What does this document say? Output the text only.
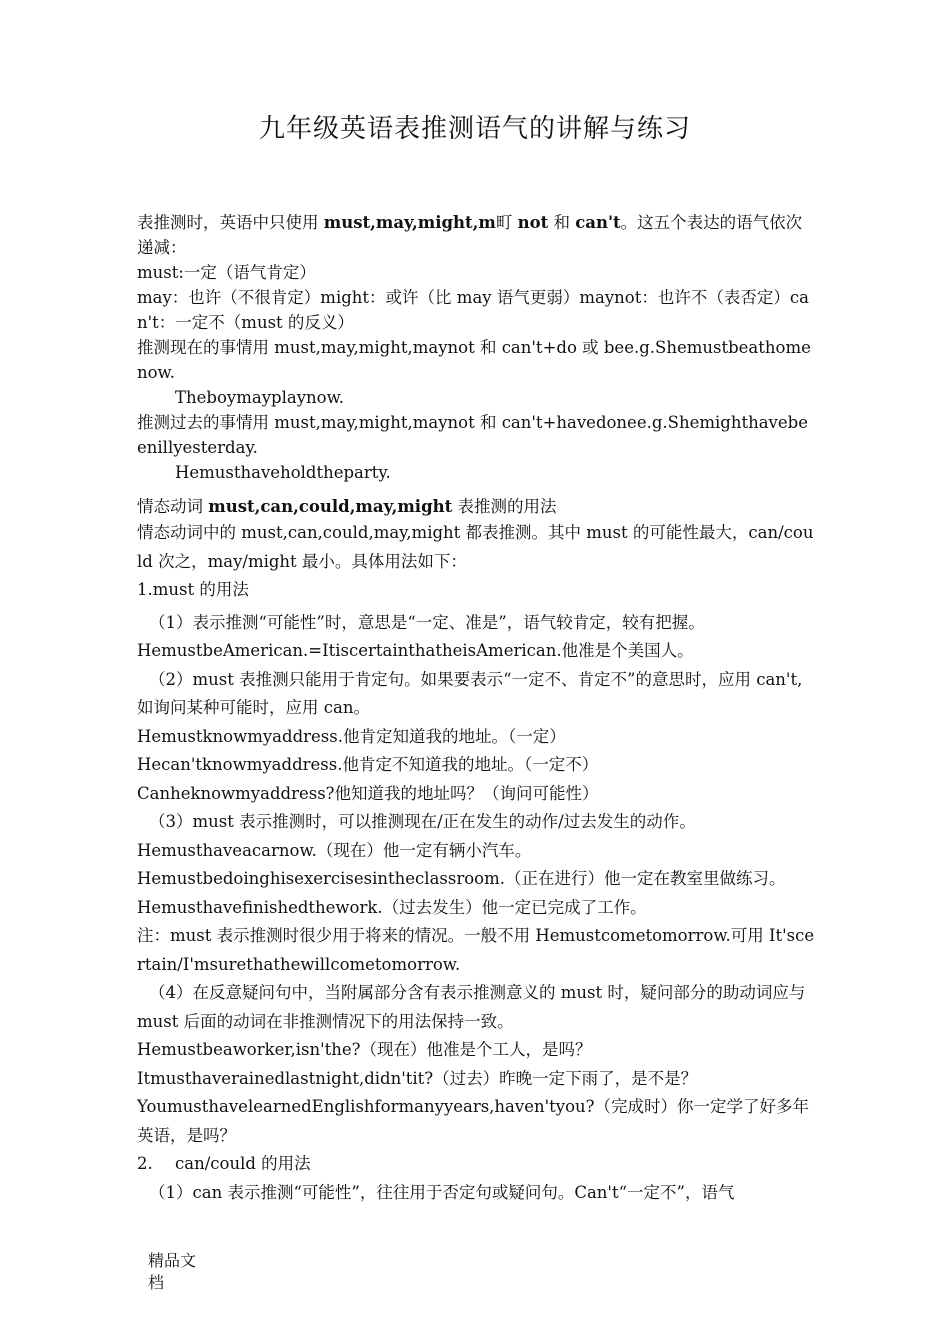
九年级英语表推测语气的讲解与练习

表推测时，英语中只使用 must,may,might,m町 not 和 can't。这五个表达的语气依次递减：

must:一定（语气肯定）

may：也许（不很肯定）might：或许（比 may 语气更弱）maynot：也许不（表否定）can't：一定不（must 的反义）

推测现在的事情用 must,may,might,maynot 和 can't+do 或 bee.g.Shemustbeathomenow.

Theboymayplaynow.

推测过去的事情用 must,may,might,maynot 和 can't+havedonee.g.Shemighthavebeenillyesterday.

Hemusthaveholdtheparty.

情态动词 must,can,could,may,might 表推测的用法

情态动词中的 must,can,could,may,might 都表推测。其中 must 的可能性最大，can/could 次之，may/might 最小。具体用法如下：

1.must 的用法

（1）表示推测“可能性”时，意思是“一定、准是”，语气较肯定，较有把握。

HemustbeAmerican.=ItiscertainthatheisAmerican.他准是个美国人。

（2）must 表推测只能用于肯定句。如果要表示“一定不、肯定不”的意思时，应用 can't,如询问某种可能时，应用 can。

Hemustknowmyaddress.他肯定知道我的地址。（一定）

Hecan'tknowmyaddress.他肯定不知道我的地址。（一定不）

Canheknowmyaddress?他知道我的地址吗？（询问可能性）

（3）must 表示推测时，可以推测现在/正在发生的动作/过去发生的动作。

Hemusthaveacarnow.（现在）他一定有辆小汽车。

Hemustbedoinghisexercisesintheclassroom.（正在进行）他一定在教室里做练习。

Hemusthavefinishedthework.（过去发生）他一定已完成了工作。

注：must 表示推测时很少用于将来的情况。一般不用 Hemustcometomorrow.可用 It'scertain/I'msurethathewillcometomorrow.

（4）在反意疑问句中，当附属部分含有表示推测意义的 must 时，疑问部分的助动词应与 must 后面的动词在非推测情况下的用法保持一致。

Hemustbeaworker,isn'the?（现在）他准是个工人，是吗？

Itmusthaverainedlastnight,didn'tit?（过去）昨晚一定下雨了，是不是？

YoumusthavelearnedEnglishformanyyears,haven'tyou?（完成时）你一定学了好多年英语，是吗？

2. can/could 的用法

（1）can 表示推测“可能性”，往往用于否定句或疑问句。Can't“一定不”，语气

精品文
档
